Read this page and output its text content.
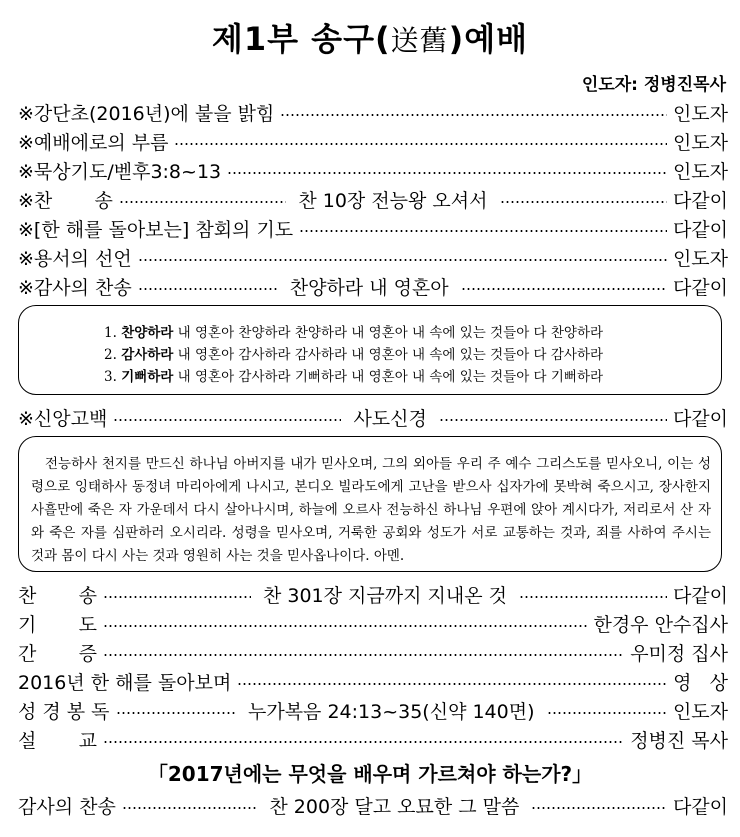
제1부 송구(送舊)예배
인도자: 정병진목사
※강단초(2016년)에 불을 밝힘	인도자
※예배에로의 부름	인도자
※묵상기도/벧후3:8~13	인도자
※찬       송	찬 10장 전능왕 오셔서	다같이
※[한 해를 돌아보는] 참회의 기도	다같이
※용서의 선언	인도자
※감사의 찬송	찬양하라 내 영혼아	다같이
1. 찬양하라 내 영혼아 찬양하라 찬양하라 내 영혼아 내 속에 있는 것들아 다 찬양하라
2. 감사하라 내 영혼아 감사하라 감사하라 내 영혼아 내 속에 있는 것들아 다 감사하라
3. 기뻐하라 내 영혼아 감사하라 기뻐하라 내 영혼아 내 속에 있는 것들아 다 기뻐하라
※신앙고백	사도신경	다같이
전능하사 천지를 만드신 하나님 아버지를 내가 믿사오며, 그의 외아들 우리 주 예수 그리스도를 믿사오니, 이는 성령으로 잉태하사 동정녀 마리아에게 나시고, 본디오 빌라도에게 고난을 받으사 십자가에 못박혀 죽으시고, 장사한지 사흘만에 죽은 자 가운데서 다시 살아나시며, 하늘에 오르사 전능하신 하나님 우편에 앉아 계시다가, 저리로서 산 자와 죽은 자를 심판하러 오시리라. 성령을 믿사오며, 거룩한 공회와 성도가 서로 교통하는 것과, 죄를 사하여 주시는 것과 몸이 다시 사는 것과 영원히 사는 것을 믿사옵나이다. 아멘.
찬       송	찬 301장 지금까지 지내온 것	다같이
기       도	한경우 안수집사
간       증	우미정 집사
2016년 한 해를 돌아보며	영   상
성 경 봉 독	누가복음 24:13~35(신약 140면)	인도자
설       교	정병진 목사
「2017년에는 무엇을 배우며 가르쳐야 하는가?」
감사의 찬송	찬 200장 달고 오묘한 그 말씀	다같이
